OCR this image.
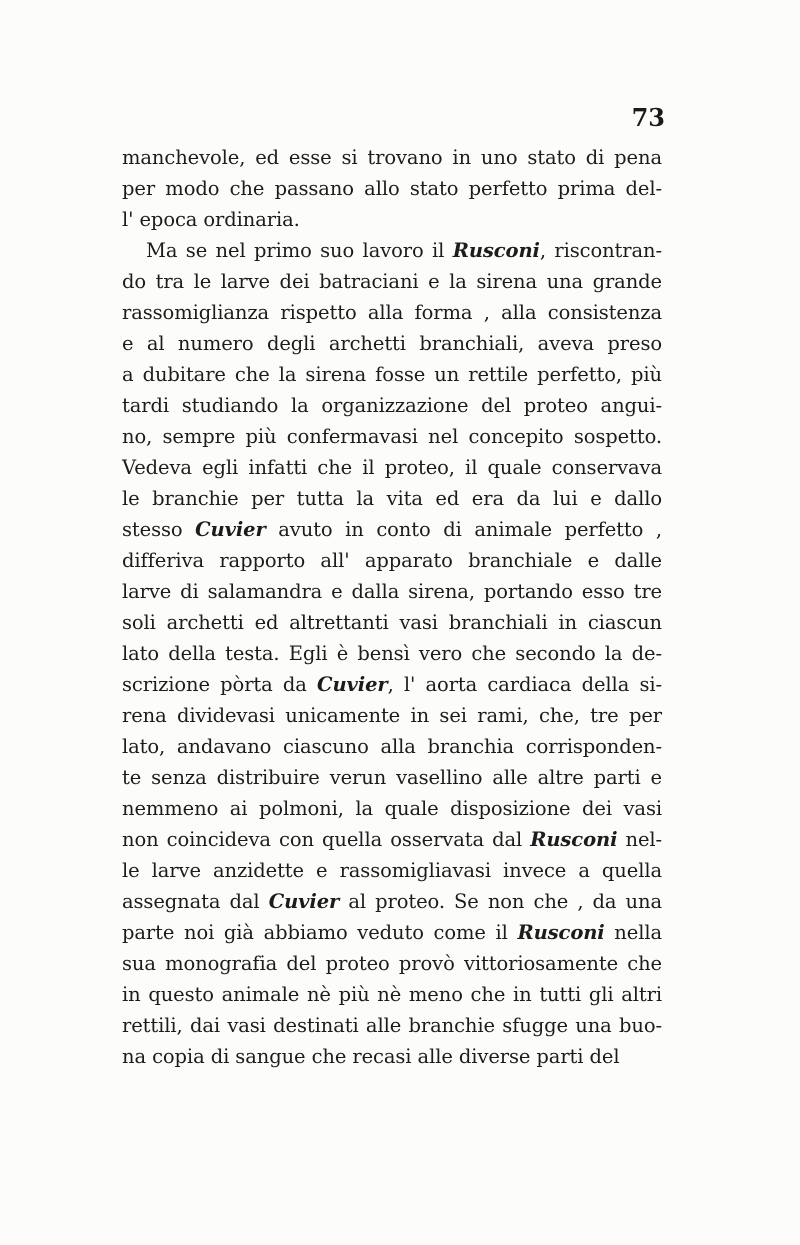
73
manchevole, ed esse si trovano in uno stato di pena
per modo che passano allo stato perfetto prima del-
l' epoca ordinaria.
Ma se nel primo suo lavoro il Rusconi, riscontran-
do tra le larve dei batraciani e la sirena una grande
rassomiglianza rispetto alla forma , alla consistenza
e al numero degli archetti branchiali, aveva preso
a dubitare che la sirena fosse un rettile perfetto, più
tardi studiando la organizzazione del proteo angui-
no, sempre più confermavasi nel concepito sospetto.
Vedeva egli infatti che il proteo, il quale conservava
le branchie per tutta la vita ed era da lui e dallo
stesso Cuvier avuto in conto di animale perfetto ,
differiva rapporto all' apparato branchiale e dalle
larve di salamandra e dalla sirena, portando esso tre
soli archetti ed altrettanti vasi branchiali in ciascun
lato della testa. Egli è bensì vero che secondo la de-
scrizione pòrta da Cuvier, l' aorta cardiaca della si-
rena dividevasi unicamente in sei rami, che, tre per
lato, andavano ciascuno alla branchia corrisponden-
te senza distribuire verun vasellino alle altre parti e
nemmeno ai polmoni, la quale disposizione dei vasi
non coincideva con quella osservata dal Rusconi nel-
le larve anzidette e rassomigliavasi invece a quella
assegnata dal Cuvier al proteo. Se non che , da una
parte noi già abbiamo veduto come il Rusconi nella
sua monografia del proteo provò vittoriosamente che
in questo animale nè più nè meno che in tutti gli altri
rettili, dai vasi destinati alle branchie sfugge una buo-
na copia di sangue che recasi alle diverse parti del
